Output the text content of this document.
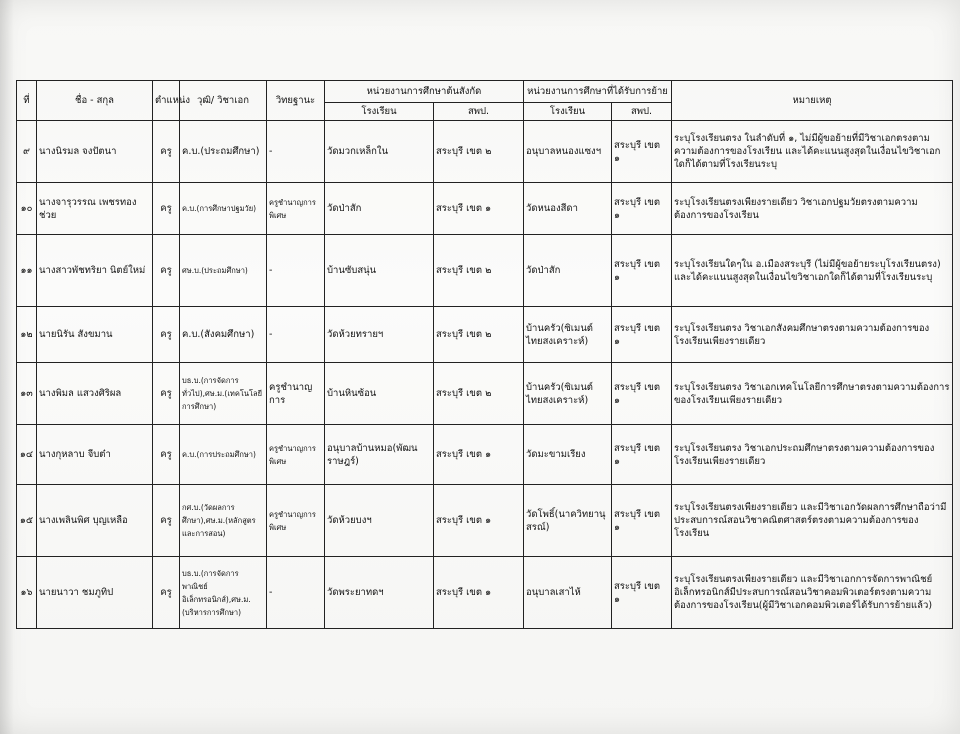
ที่	ชื่อ - สกุล	ตำแหน่ง	วุฒิ/ วิชาเอก	วิทยฐานะ	หน่วยงานการศึกษาต้นสังกัด		หน่วยงานการศึกษาที่ได้รับการย้าย		หมายเหตุ
					โรงเรียน	สพป.	โรงเรียน	สพป.	
๙	นางนิรมล จงปัตนา	ครู	ค.บ.(ประถมศึกษา)	-	วัดมวกเหล็กใน	สระบุรี เขต ๒	อนุบาลหนองแซงฯ	สระบุรี เขต ๑	ระบุโรงเรียนตรง ในลำดับที่ ๑, ไม่มีผู้ขอย้ายที่มีวิชาเอกตรงตามความต้องการของโรงเรียน และได้คะแนนสูงสุดในเงื่อนไขวิชาเอกใดก็ได้ตามที่โรงเรียนระบุ
๑๐	นางจารุวรรณ เพชรทองช่วย	ครู	ค.บ.(การศึกษาปฐมวัย)	ครูชำนาญการพิเศษ	วัดป่าสัก	สระบุรี เขต ๑	วัดหนองสีดา	สระบุรี เขต ๑	ระบุโรงเรียนตรงเพียงรายเดียว วิชาเอกปฐมวัยตรงตามความต้องการของโรงเรียน
๑๑	นางสาวพัชทริยา นิตย์ใหม่	ครู	ศษ.บ.(ประถมศึกษา)	-	บ้านซับสนุ่น	สระบุรี เขต ๒	วัดป่าสัก	สระบุรี เขต ๑	ระบุโรงเรียนใดๆใน อ.เมืองสระบุรี (ไม่มีผู้ขอย้ายระบุโรงเรียนตรง) และได้คะแนนสูงสุดในเงื่อนไขวิชาเอกใดก็ได้ตามที่โรงเรียนระบุ
๑๒	นายนิรัน สังขมาน	ครู	ค.บ.(สังคมศึกษา)	-	วัดห้วยทรายฯ	สระบุรี เขต ๒	บ้านครัว(ซิเมนต์ไทยสงเคราะห์)	สระบุรี เขต ๑	ระบุโรงเรียนตรง วิชาเอกสังคมศึกษาตรงตามความต้องการของโรงเรียนเพียงรายเดียว
๑๓	นางพิมล แสวงศิริผล	ครู	บธ.บ.(การจัดการทั่วไป),ศษ.ม.(เทคโนโลยีการศึกษา)	ครูชำนาญการ	บ้านหินซ้อน	สระบุรี เขต ๒	บ้านครัว(ซิเมนต์ไทยสงเคราะห์)	สระบุรี เขต ๑	ระบุโรงเรียนตรง วิชาเอกเทคโนโลยีการศึกษาตรงตามความต้องการของโรงเรียนเพียงรายเดียว
๑๔	นางกุหลาบ จีบต๋า	ครู	ค.บ.(การประถมศึกษา)	ครูชำนาญการพิเศษ	อนุบาลบ้านหมอ(พัฒนราษฎร์)	สระบุรี เขต ๑	วัดมะขามเรียง	สระบุรี เขต ๑	ระบุโรงเรียนตรง วิชาเอกประถมศึกษาตรงตามความต้องการของโรงเรียนเพียงรายเดียว
๑๕	นางเพลินพิศ บุญเหลือ	ครู	กศ.บ.(วัดผลการศึกษา),ศษ.ม.(หลักสูตรและการสอน)	ครูชำนาญการพิเศษ	วัดห้วยบงฯ	สระบุรี เขต ๑	วัดโพธิ์(นาควิทยานุสรณ์)	สระบุรี เขต ๑	ระบุโรงเรียนตรงเพียงรายเดียว และมีวิชาเอกวัดผลการศึกษาถือว่ามีประสบการณ์สอนวิชาคณิตศาสตร์ตรงตามความต้องการของโรงเรียน
๑๖	นายนาวา ชมภูทิป	ครู	บธ.บ.(การจัดการพาณิชย์อิเล็กทรอนิกส์),ศษ.ม.(บริหารการศึกษา)	-	วัดพระยาทดฯ	สระบุรี เขต ๑	อนุบาลเสาไห้	สระบุรี เขต ๑	ระบุโรงเรียนตรงเพียงรายเดียว และมีวิชาเอกการจัดการพาณิชย์อิเล็กทรอนิกส์มีประสบการณ์สอนวิชาคอมพิวเตอร์ตรงตามความต้องการของโรงเรียน(ผู้มีวิชาเอกคอมพิวเตอร์ได้รับการย้ายแล้ว)
